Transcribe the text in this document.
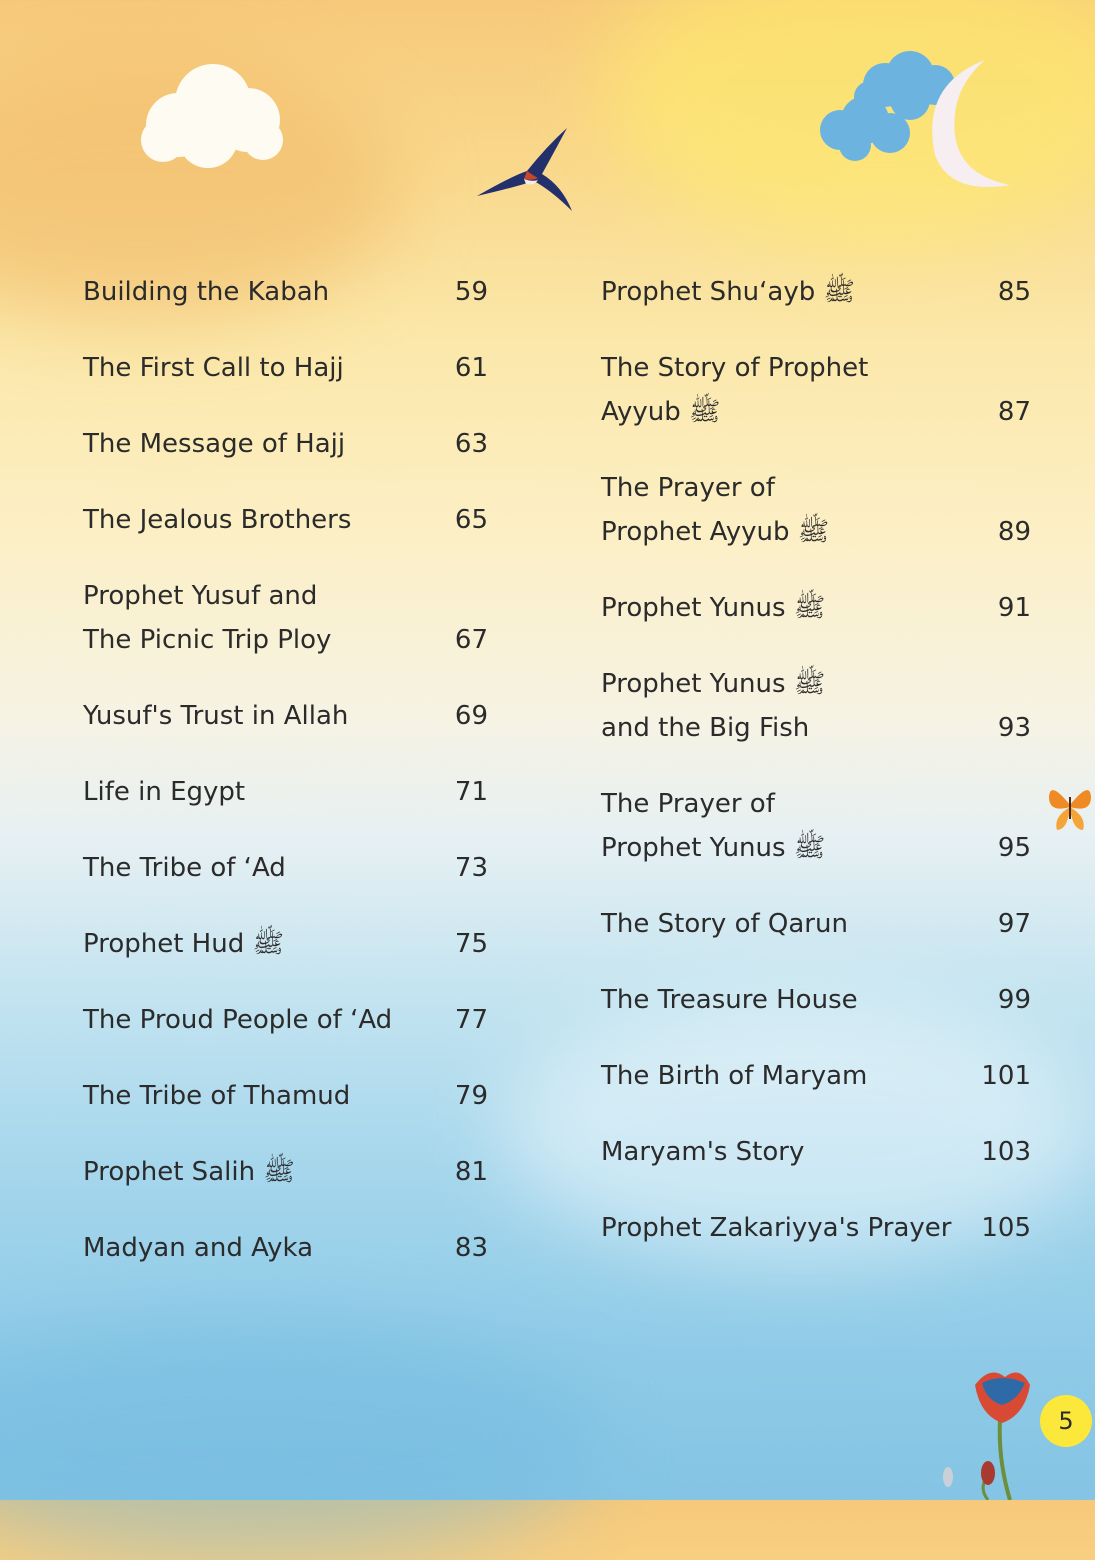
Building the Kabah	59
The First Call to Hajj	61
The Message of Hajj	63
The Jealous Brothers	65
Prophet Yusuf and The Picnic Trip Ploy	67
Yusuf's Trust in Allah	69
Life in Egypt	71
The Tribe of ‘Ad	73
Prophet Hud ﷺ	75
The Proud People of ‘Ad	77
The Tribe of Thamud	79
Prophet Salih ﷺ	81
Madyan and Ayka	83
Prophet Shu‘ayb ﷺ	85
The Story of Prophet Ayyub ﷺ	87
The Prayer of Prophet Ayyub ﷺ	89
Prophet Yunus ﷺ	91
Prophet Yunus ﷺ and the Big Fish	93
The Prayer of Prophet Yunus ﷺ	95
The Story of Qarun	97
The Treasure House	99
The Birth of Maryam	101
Maryam's Story	103
Prophet Zakariyya's Prayer	105
5
